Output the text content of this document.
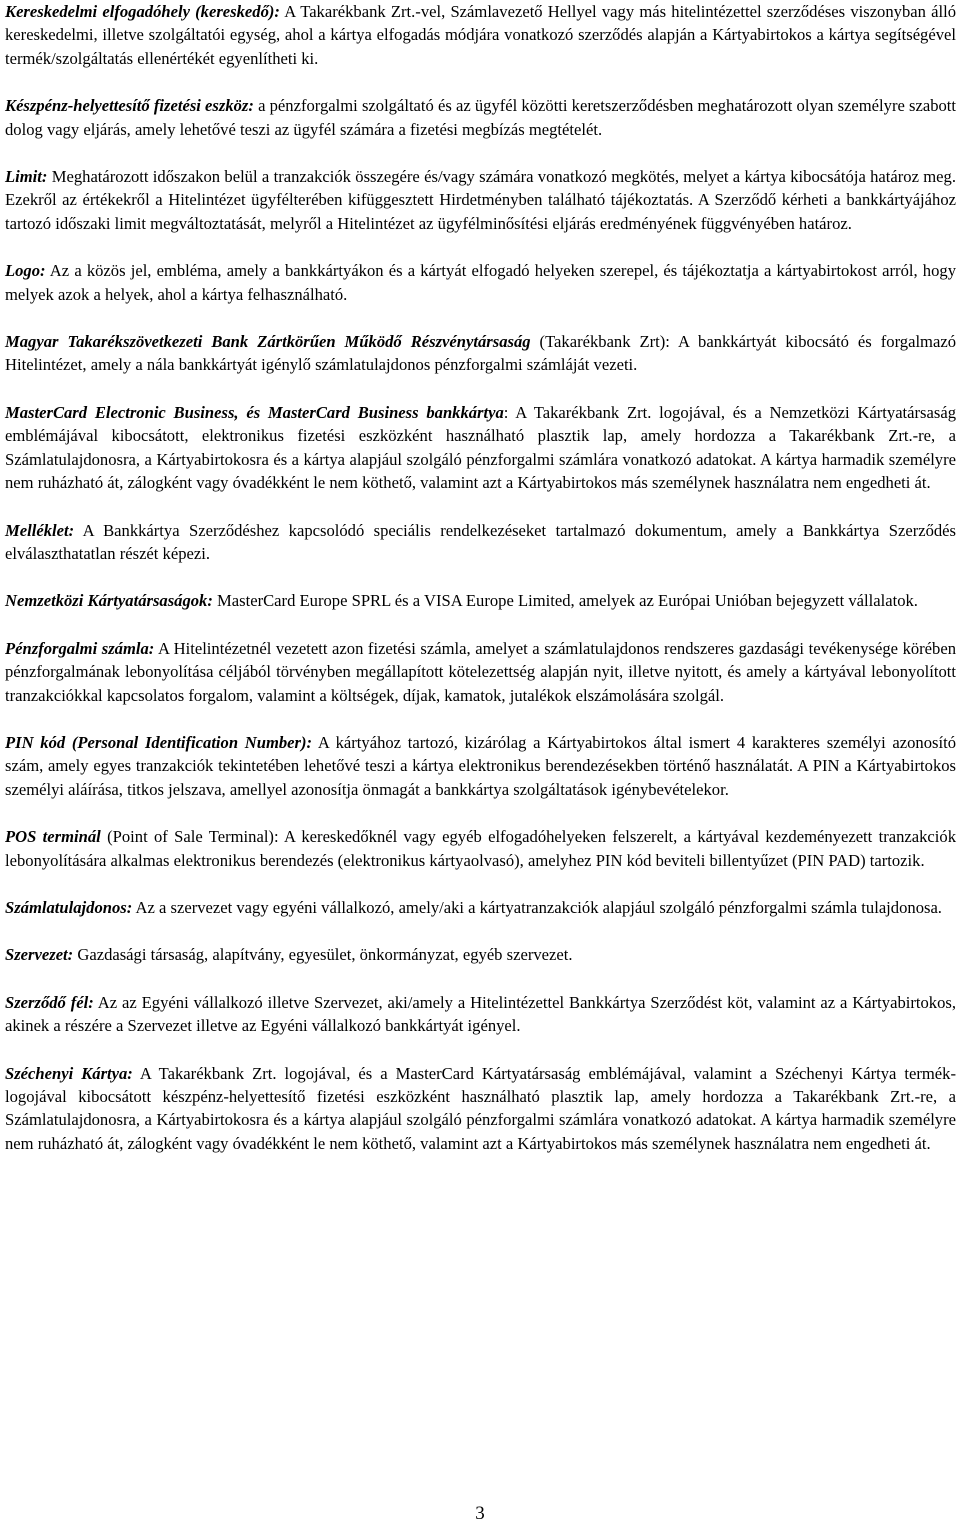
Kereskedelmi elfogadóhely (kereskedő): A Takarékbank Zrt.-vel, Számlavezető Hellyel vagy más hitelintézettel szerződéses viszonyban álló kereskedelmi, illetve szolgáltatói egység, ahol a kártya elfogadás módjára vonatkozó szerződés alapján a Kártyabirtokos a kártya segítségével termék/szolgáltatás ellenértékét egyenlítheti ki.

Készpénz-helyettesítő fizetési eszköz: a pénzforgalmi szolgáltató és az ügyfél közötti keretszerződésben meghatározott olyan személyre szabott dolog vagy eljárás, amely lehetővé teszi az ügyfél számára a fizetési megbízás megtételét.

Limit: Meghatározott időszakon belül a tranzakciók összegére és/vagy számára vonatkozó megkötés, melyet a kártya kibocsátója határoz meg. Ezekről az értékekről a Hitelintézet ügyfélterében kifüggesztett Hirdetményben található tájékoztatás. A Szerződő kérheti a bankkártyájához tartozó időszaki limit megváltoztatását, melyről a Hitelintézet az ügyfélminősítési eljárás eredményének függvényében határoz.

Logo: Az a közös jel, embléma, amely a bankkártyákon és a kártyát elfogadó helyeken szerepel, és tájékoztatja a kártyabirtokost arról, hogy melyek azok a helyek, ahol a kártya felhasználható.

Magyar Takarékszövetkezeti Bank Zártkörűen Működő Részvénytársaság (Takarékbank Zrt): A bankkártyát kibocsátó és forgalmazó Hitelintézet, amely a nála bankkártyát igénylő számlatulajdonos pénzforgalmi számláját vezeti.

MasterCard Electronic Business, és MasterCard Business bankkártya: A Takarékbank Zrt. logojával, és a Nemzetközi Kártyatársaság emblémájával kibocsátott, elektronikus fizetési eszközként használható plasztik lap, amely hordozza a Takarékbank Zrt.-re, a Számlatulajdonosra, a Kártyabirtokosra és a kártya alapjául szolgáló pénzforgalmi számlára vonatkozó adatokat. A kártya harmadik személyre nem ruházható át, zálogként vagy óvadékként le nem köthető, valamint azt a Kártyabirtokos más személynek használatra nem engedheti át.

Melléklet: A Bankkártya Szerződéshez kapcsolódó speciális rendelkezéseket tartalmazó dokumentum, amely a Bankkártya Szerződés elválaszthatatlan részét képezi.

Nemzetközi Kártyatársaságok: MasterCard Europe SPRL és a VISA Europe Limited, amelyek az Európai Unióban bejegyzett vállalatok.

Pénzforgalmi számla: A Hitelintézetnél vezetett azon fizetési számla, amelyet a számlatulajdonos rendszeres gazdasági tevékenysége körében pénzforgalmának lebonyolítása céljából törvényben megállapított kötelezettség alapján nyit, illetve nyitott, és amely a kártyával lebonyolított tranzakciókkal kapcsolatos forgalom, valamint a költségek, díjak, kamatok, jutalékok elszámolására szolgál.

PIN kód (Personal Identification Number): A kártyához tartozó, kizárólag a Kártyabirtokos által ismert 4 karakteres személyi azonosító szám, amely egyes tranzakciók tekintetében lehetővé teszi a kártya elektronikus berendezésekben történő használatát. A PIN a Kártyabirtokos személyi aláírása, titkos jelszava, amellyel azonosítja önmagát a bankkártya szolgáltatások igénybevételekor.

POS terminál (Point of Sale Terminal): A kereskedőknél vagy egyéb elfogadóhelyeken felszerelt, a kártyával kezdeményezett tranzakciók lebonyolítására alkalmas elektronikus berendezés (elektronikus kártyaolvasó), amelyhez PIN kód beviteli billentyűzet (PIN PAD) tartozik.

Számlatulajdonos: Az a szervezet vagy egyéni vállalkozó, amely/aki a kártyatranzakciók alapjául szolgáló pénzforgalmi számla tulajdonosa.

Szervezet: Gazdasági társaság, alapítvány, egyesület, önkormányzat, egyéb szervezet.

Szerződő fél: Az az Egyéni vállalkozó illetve Szervezet, aki/amely a Hitelintézettel Bankkártya Szerződést köt, valamint az a Kártyabirtokos, akinek a részére a Szervezet illetve az Egyéni vállalkozó bankkártyát igényel.

Széchenyi Kártya: A Takarékbank Zrt. logojával, és a MasterCard Kártyatársaság emblémájával, valamint a Széchenyi Kártya termék-logojával kibocsátott készpénz-helyettesítő fizetési eszközként használható plasztik lap, amely hordozza a Takarékbank Zrt.-re, a Számlatulajdonosra, a Kártyabirtokosra és a kártya alapjául szolgáló pénzforgalmi számlára vonatkozó adatokat. A kártya harmadik személyre nem ruházható át, zálogként vagy óvadékként le nem köthető, valamint azt a Kártyabirtokos más személynek használatra nem engedheti át.

3
